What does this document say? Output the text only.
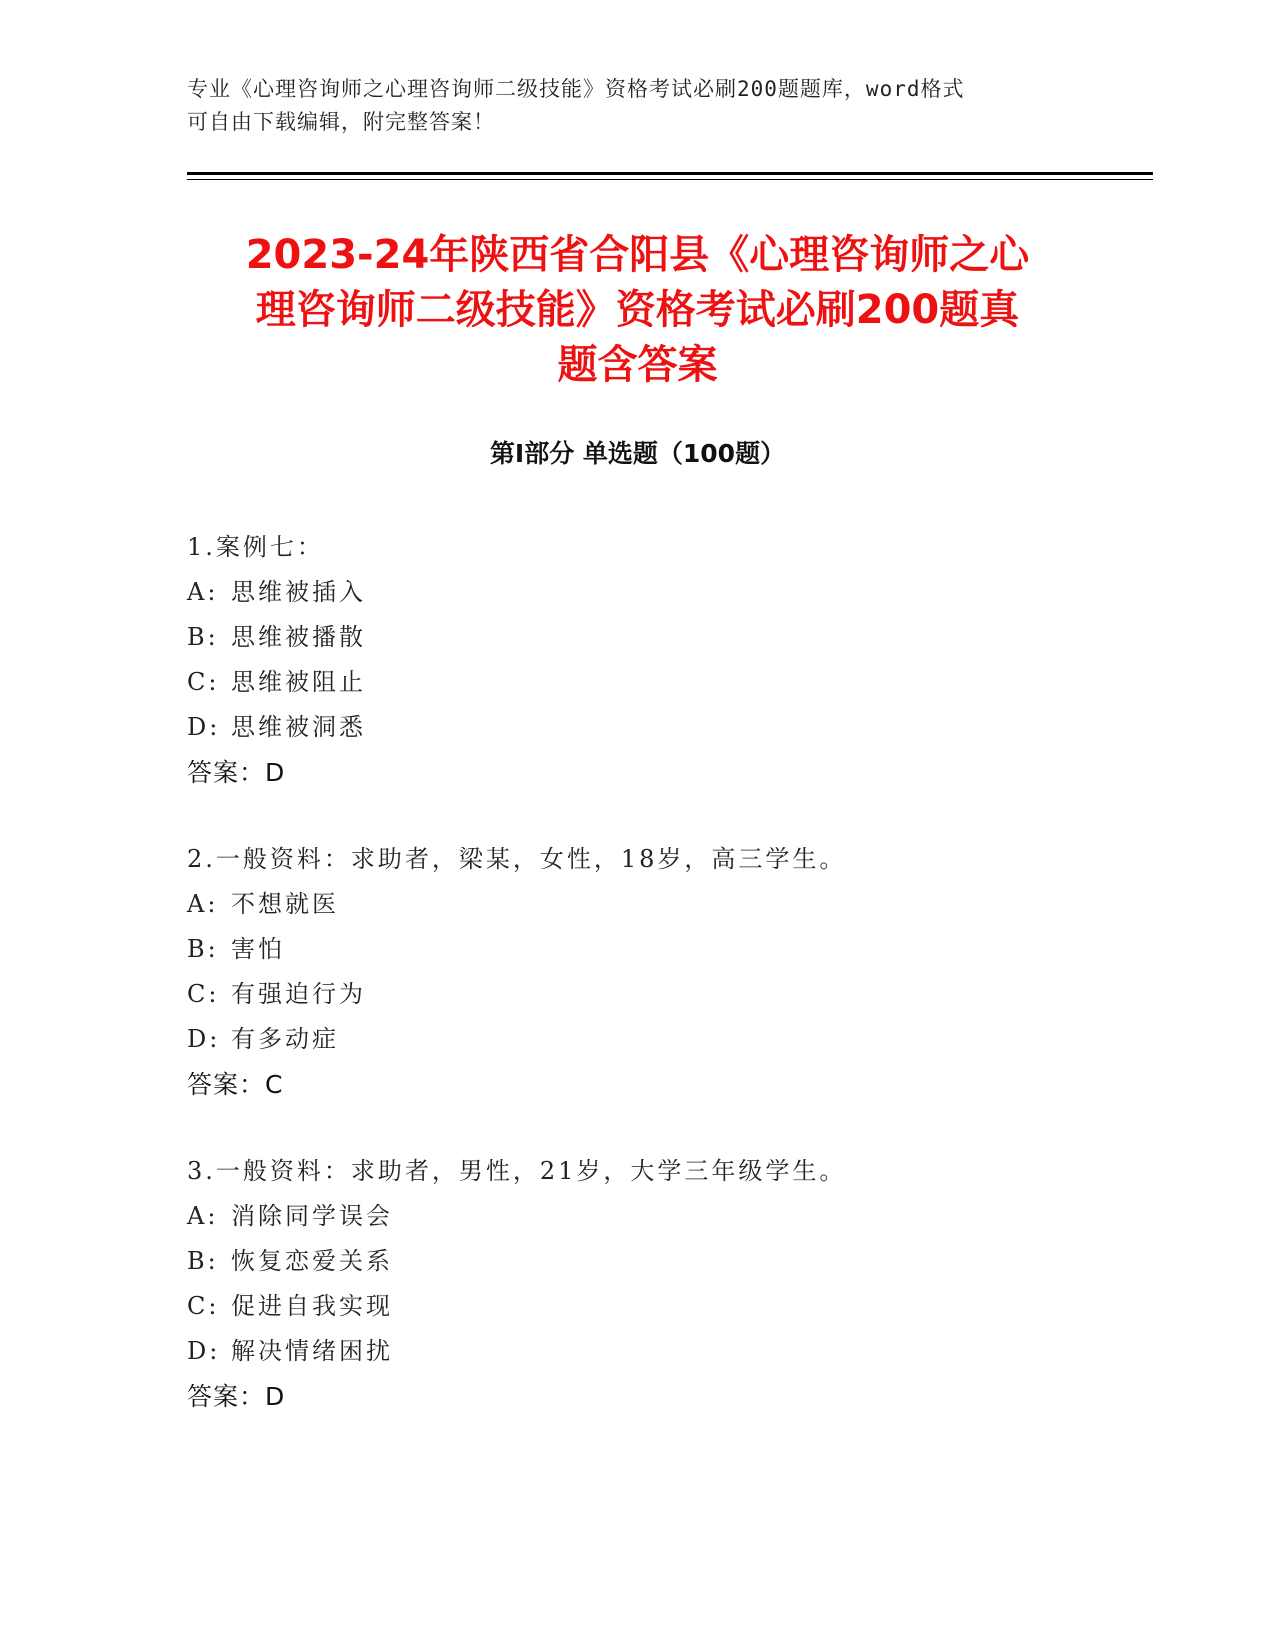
专业《心理咨询师之心理咨询师二级技能》资格考试必刷200题题库，word格式
可自由下载编辑，附完整答案！
2023-24年陕西省合阳县《心理咨询师之心
理咨询师二级技能》资格考试必刷200题真
题含答案
第Ⅰ部分 单选题（100题）
1.案例七：
A: 思维被插入
B: 思维被播散
C: 思维被阻止
D: 思维被洞悉
答案：D
2.一般资料：求助者，梁某，女性，18岁，高三学生。
A: 不想就医
B: 害怕
C: 有强迫行为
D: 有多动症
答案：C
3.一般资料：求助者，男性，21岁，大学三年级学生。
A: 消除同学误会
B: 恢复恋爱关系
C: 促进自我实现
D: 解决情绪困扰
答案：D
